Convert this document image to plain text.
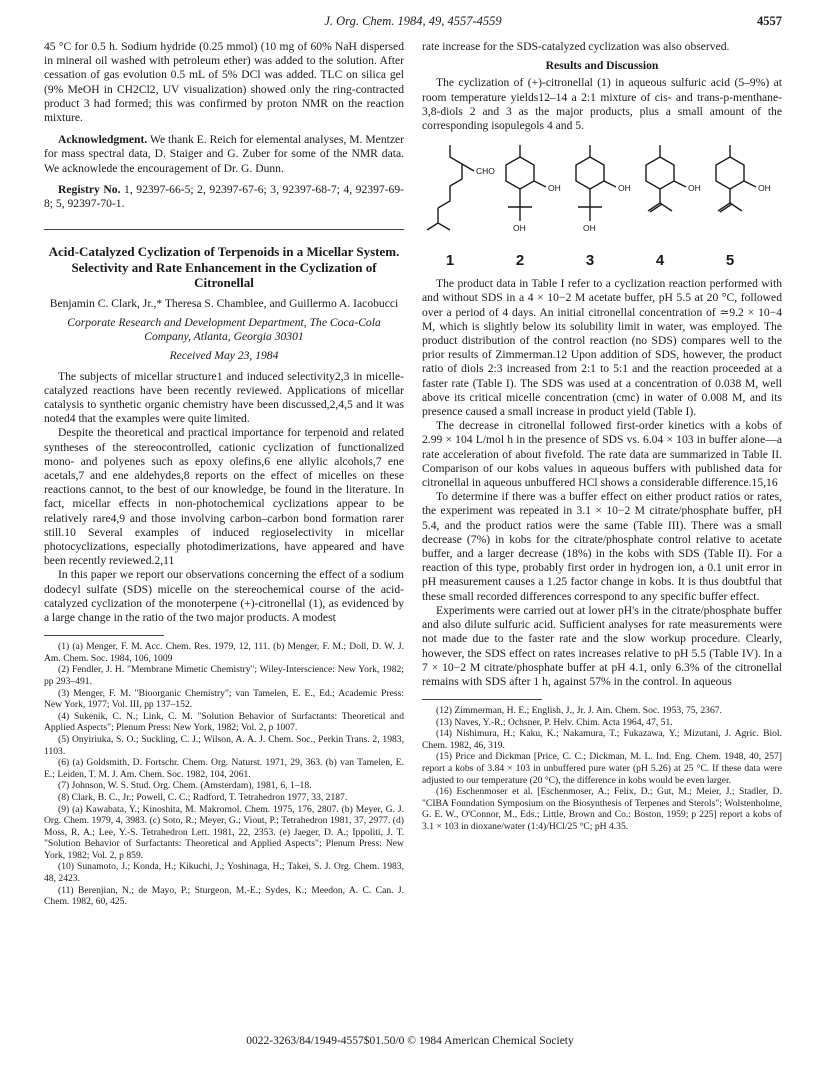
J. Org. Chem. 1984, 49, 4557-4559	4557

45 °C for 0.5 h. Sodium hydride (0.25 mmol) (10 mg of 60% NaH dispersed in mineral oil washed with petroleum ether) was added to the solution. After cessation of gas evolution 0.5 mL of 5% DCl was added. TLC on silica gel (9% MeOH in CH2Cl2, UV visualization) showed only the ring-contracted product 3 had formed; this was confirmed by proton NMR on the reaction mixture.

Acknowledgment. We thank E. Reich for elemental analyses, M. Mentzer for mass spectral data, D. Staiger and G. Zuber for some of the NMR data. We acknowlede the encouragement of Dr. G. Dunn.

Registry No. 1, 92397-66-5; 2, 92397-67-6; 3, 92397-68-7; 4, 92397-69-8; 5, 92397-70-1.

Acid-Catalyzed Cyclization of Terpenoids in a Micellar System. Selectivity and Rate Enhancement in the Cyclization of Citronellal
Benjamin C. Clark, Jr.,* Theresa S. Chamblee, and Guillermo A. Iacobucci
Corporate Research and Development Department, The Coca-Cola Company, Atlanta, Georgia 30301
Received May 23, 1984

The subjects of micellar structure1 and induced selectivity2,3 in micelle-catalyzed reactions have been recently reviewed. Applications of micellar catalysis to synthetic organic chemistry have been discussed,2,4,5 and it was noted4 that the examples were quite limited.

Despite the theoretical and practical importance for terpenoid and related syntheses of the stereocontrolled, cationic cyclization of functionalized mono- and polyenes such as epoxy olefins,6 ene allylic alcohols,7 ene acetals,7 and ene aldehydes,8 reports on the effect of micelles on these reactions cannot, to the best of our knowledge, be found in the literature. In fact, micellar effects in non-photochemical cyclizations appear to be relatively rare4,9 and those involving carbon–carbon bond formation rarer still.10 Several examples of induced regioselectivity in micellar photocyclizations, especially photodimerizations, have appeared and have been recently reviewed.2,11

In this paper we report our observations concerning the effect of a sodium dodecyl sulfate (SDS) micelle on the stereochemical course of the acid-catalyzed cyclization of the monoterpene (+)-citronellal (1), as evidenced by a large change in the ratio of the two major products. A modest

(1) (a) Menger, F. M. Acc. Chem. Res. 1979, 12, 111. (b) Menger, F. M.; Doll, D. W. J. Am. Chem. Soc. 1984, 106, 1009

(2) Fendler, J. H. "Membrane Mimetic Chemistry"; Wiley-Interscience: New York, 1982; pp 293–491.

(3) Menger, F. M. "Bioorganic Chemistry"; van Tamelen, E. E., Ed.; Academic Press: New York, 1977; Vol. III, pp 137–152.

(4) Sukenik, C. N.; Link, C. M. "Solution Behavior of Surfactants: Theoretical and Applied Aspects"; Plenum Press: New York, 1982; Vol. 2, p 1007.

(5) Onyiriuka, S. O.; Suckling, C. J.; Wilson, A. A. J. Chem. Soc., Perkin Trans. 2, 1983, 1103.

(6) (a) Goldsmith, D. Fortschr. Chem. Org. Naturst. 1971, 29, 363. (b) van Tamelen, E. E.; Leiden, T. M. J. Am. Chem. Soc. 1982, 104, 2061.

(7) Johnson, W. S. Stud. Org. Chem. (Amsterdam), 1981, 6, 1–18.

(8) Clark, B. C., Jr.; Powell, C. C.; Radford, T. Tetrahedron 1977, 33, 2187.

(9) (a) Kawabata, Y.; Kinoshita, M. Makromol. Chem. 1975, 176, 2807. (b) Meyer, G. J. Org. Chem. 1979, 4, 3983. (c) Soto, R.; Meyer, G.; Viout, P.; Tetrahedron 1981, 37, 2977. (d) Moss, R. A.; Lee, Y.-S. Tetrahedron Lett. 1981, 22, 2353. (e) Jaeger, D. A.; Ippoliti, J. T. "Solution Behavior of Surfactants: Theoretical and Applied Aspects"; Plenum Press: New York, 1982; Vol. 2, p 859.

(10) Sunamoto, J.; Konda, H.; Kikuchi, J.; Yoshinaga, H.; Takei, S. J. Org. Chem. 1983, 48, 2423.

(11) Berenjian, N.; de Mayo, P.; Sturgeon, M.-E.; Sydes, K.; Meedon, A. C. Can. J. Chem. 1982, 60, 425.

rate increase for the SDS-catalyzed cyclization was also observed.

Results and Discussion

The cyclization of (+)-citronellal (1) in aqueous sulfuric acid (5–9%) at room temperature yields12–14 a 2:1 mixture of cis- and trans-p-menthane-3,8-diols 2 and 3 as the major products, plus a small amount of the corresponding isopulegols 4 and 5.

CHO
OH
OH
OH
OH
OH	OH
1	2	3	4	5

The product data in Table I refer to a cyclization reaction performed with and without SDS in a 4 × 10−2 M acetate buffer, pH 5.5 at 20 °C, followed over a period of 4 days. An initial citronellal concentration of ≃9.2 × 10−4 M, which is slightly below its solubility limit in water, was employed. The product distribution of the control reaction (no SDS) compares well to the prior results of Zimmerman.12 Upon addition of SDS, however, the product ratio of diols 2:3 increased from 2:1 to 5:1 and the reaction proceeded at a faster rate (Table I). The SDS was used at a concentration of 0.038 M, well above its critical micelle concentration (cmc) in water of 0.008 M, and its presence caused a small increase in product yield (Table I).

The decrease in citronellal followed first-order kinetics with a kobs of 2.99 × 104 L/mol h in the presence of SDS vs. 6.04 × 103 in buffer alone—a rate acceleration of about fivefold. The rate data are summarized in Table II. Comparison of our kobs values in aqueous buffers with published data for citronellal in aqueous unbuffered HCl shows a considerable difference.15,16

To determine if there was a buffer effect on either product ratios or rates, the experiment was repeated in 3.1 × 10−2 M citrate/phosphate buffer, pH 5.4, and the product ratios were the same (Table III). There was a small decrease (7%) in kobs for the citrate/phosphate control relative to acetate buffer, and a larger decrease (18%) in the kobs with SDS (Table II). For a reaction of this type, probably first order in hydrogen ion, a 0.1 unit error in pH measurement causes a 1.25 factor change in kobs. It is thus doubtful that these small recorded differences correspond to any specific buffer effect.

Experiments were carried out at lower pH's in the citrate/phosphate buffer and also dilute sulfuric acid. Sufficient analyses for rate measurements were not made due to the faster rate and the slow workup procedure. Clearly, however, the SDS effect on rates increases relative to pH 5.5 (Table IV). In a 7 × 10−2 M citrate/phosphate buffer at pH 4.1, only 6.3% of the citronellal remains with SDS after 1 h, against 57% in the control. In aqueous

(12) Zimmerman, H. E.; English, J., Jr. J. Am. Chem. Soc. 1953, 75, 2367.

(13) Naves, Y.-R.; Ochsner, P. Helv. Chim. Acta 1964, 47, 51.

(14) Nishimura, H.; Kaku, K.; Nakamura, T.; Fukazawa, Y.; Mizutani, J. Agric. Biol. Chem. 1982, 46, 319.

(15) Price and Dickman [Price, C. C.; Dickman, M. L. Ind. Eng. Chem. 1948, 40, 257] report a kobs of 3.84 × 103 in unbuffered pure water (pH 5.26) at 25 °C. If these data were adjusted to our temperature (20 °C), the difference in kobs would be even larger.

(16) Eschenmoser et al. [Eschenmoser, A.; Felix, D.; Gut, M.; Meier, J.; Stadler, D. "CIBA Foundation Symposium on the Biosynthesis of Terpenes and Sterols"; Wolstenholme, G. E. W., O'Connor, M., Eds.; Little, Brown and Co.: Boston, 1959; p 225] report a kobs of 3.1 × 103 in dioxane/water (1:4)/HCl/25 °C; pH 4.35.

0022-3263/84/1949-4557$01.50/0 © 1984 American Chemical Society
